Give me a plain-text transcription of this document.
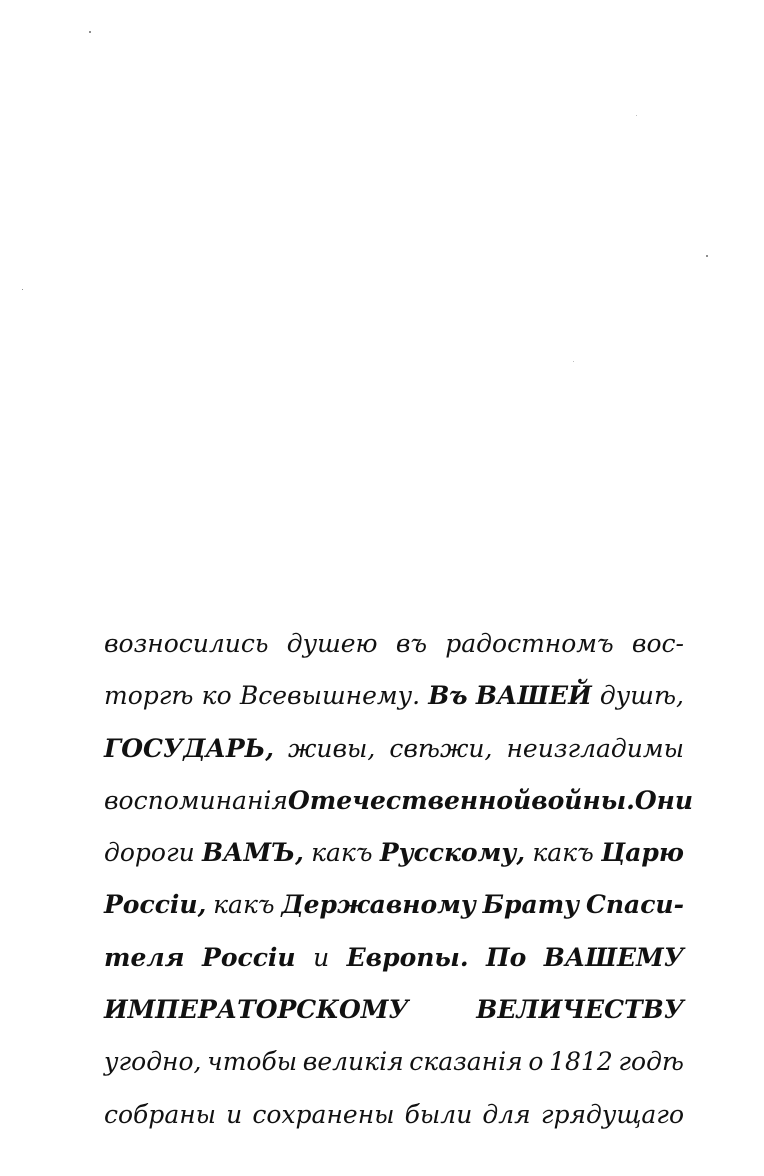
возносились душею въ радостномъ вос-
торгѣ ко Всевышнему. Въ ВАШЕЙ душѣ,
ГОСУДАРЬ, живы, свѣжи, неизгладимы
воспоминанія Отечественной войны. Они
дороги ВАМЪ, какъ Русскому, какъ Царю
Россіи, какъ Державному Брату Спаси-
теля Россіи и Европы. По ВАШЕМУ
ИМПЕРАТОРСКОМУ	ВЕЛИЧЕСТВУ
угодно, чтобы великія сказанія о 1812 годѣ
собраны и сохранены были для грядущаго
